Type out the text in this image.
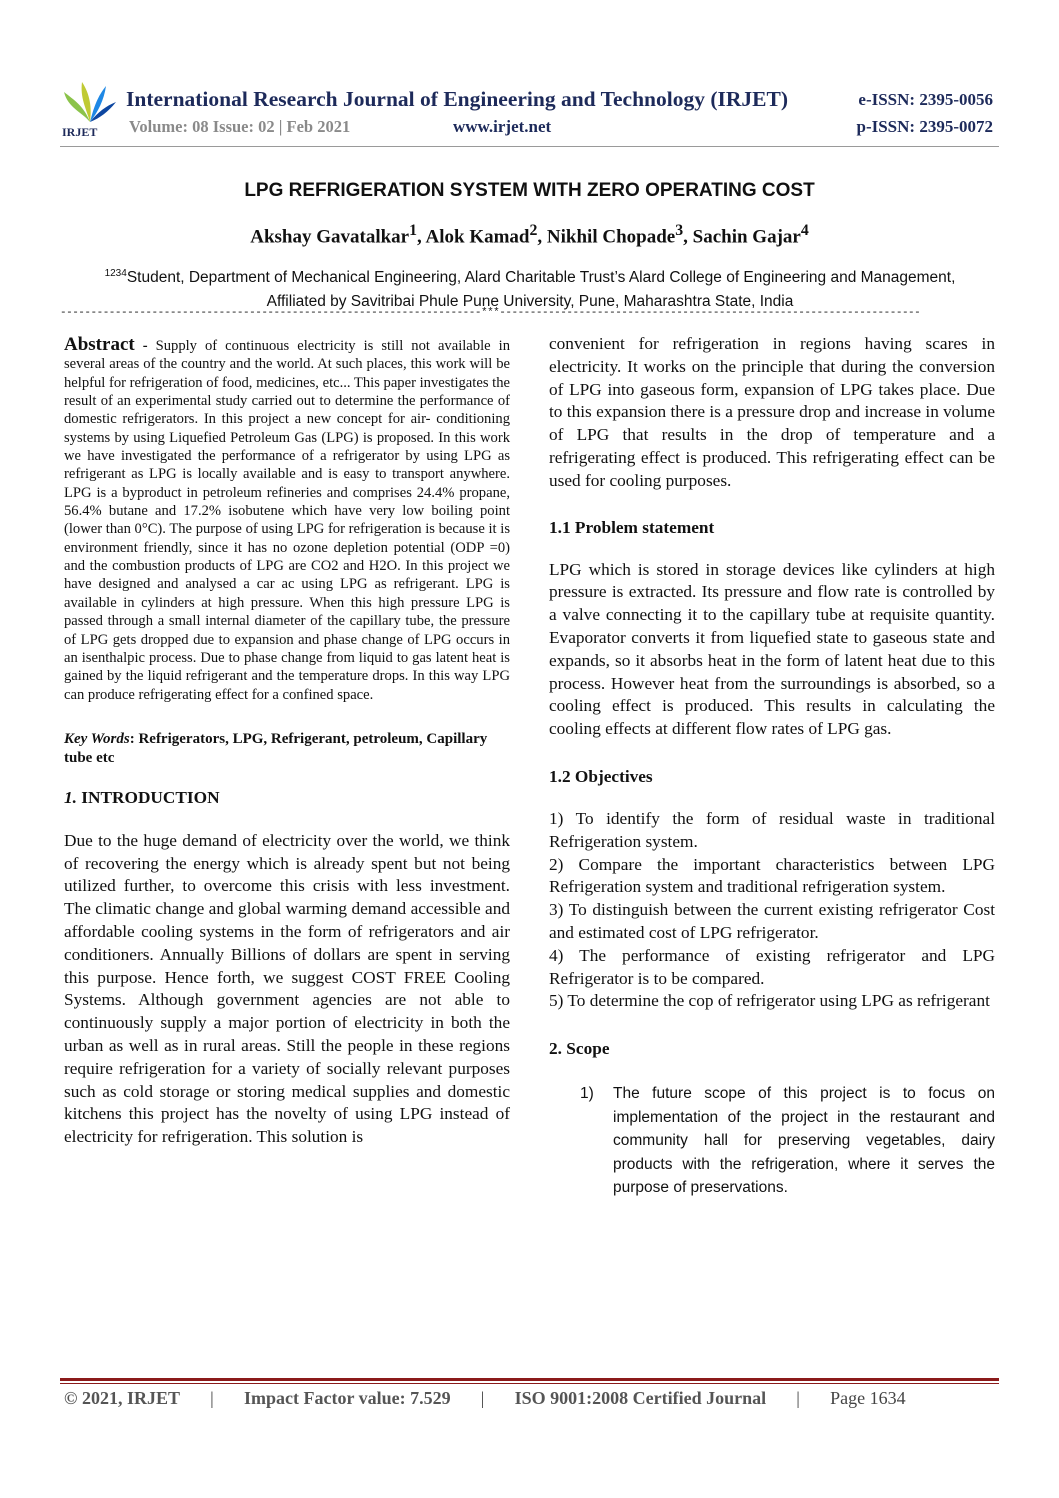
IRJET
International Research Journal of Engineering and Technology (IRJET)	e-ISSN: 2395-0056
Volume: 08 Issue: 02 | Feb 2021	www.irjet.net	p-ISSN: 2395-0072
LPG REFRIGERATION SYSTEM WITH ZERO OPERATING COST
Akshay Gavatalkar$^1$, Alok Kamad$^2$, Nikhil Chopade$^3$, Sachin Gajar$^4$
$^{1234}$Student, Department of Mechanical Engineering, Alard Charitable Trust’s Alard College of Engineering and Management, Affiliated by Savitribai Phule Pune University, Pune, Maharashtra State, India
---------------------------------------------------------------------***---------------------------------------------------------------------

Abstract - Supply of continuous electricity is still not available in several areas of the country and the world. At such places, this work will be helpful for refrigeration of food, medicines, etc... This paper investigates the result of an experimental study carried out to determine the performance of domestic refrigerators. In this project a new concept for air- conditioning systems by using Liquefied Petroleum Gas (LPG) is proposed. In this work we have investigated the performance of a refrigerator by using LPG as refrigerant as LPG is locally available and is easy to transport anywhere. LPG is a byproduct in petroleum refineries and comprises 24.4% propane, 56.4% butane and 17.2% isobutene which have very low boiling point (lower than 0°C). The purpose of using LPG for refrigeration is because it is environment friendly, since it has no ozone depletion potential (ODP =0) and the combustion products of LPG are CO2 and H2O. In this project we have designed and analysed a car ac using LPG as refrigerant. LPG is available in cylinders at high pressure. When this high pressure LPG is passed through a small internal diameter of the capillary tube, the pressure of LPG gets dropped due to expansion and phase change of LPG occurs in an isenthalpic process. Due to phase change from liquid to gas latent heat is gained by the liquid refrigerant and the temperature drops. In this way LPG can produce refrigerating effect for a confined space.

Key Words: Refrigerators, LPG, Refrigerant, petroleum, Capillary tube etc

1. INTRODUCTION

Due to the huge demand of electricity over the world, we think of recovering the energy which is already spent but not being utilized further, to overcome this crisis with less investment. The climatic change and global warming demand accessible and affordable cooling systems in the form of refrigerators and air conditioners. Annually Billions of dollars are spent in serving this purpose. Hence forth, we suggest COST FREE Cooling Systems. Although government agencies are not able to continuously supply a major portion of electricity in both the urban as well as in rural areas. Still the people in these regions require refrigeration for a variety of socially relevant purposes such as cold storage or storing medical supplies and domestic kitchens this project has the novelty of using LPG instead of electricity for refrigeration. This solution is

convenient for refrigeration in regions having scares in electricity. It works on the principle that during the conversion of LPG into gaseous form, expansion of LPG takes place. Due to this expansion there is a pressure drop and increase in volume of LPG that results in the drop of temperature and a refrigerating effect is produced. This refrigerating effect can be used for cooling purposes.

1.1 Problem statement

LPG which is stored in storage devices like cylinders at high pressure is extracted. Its pressure and flow rate is controlled by a valve connecting it to the capillary tube at requisite quantity. Evaporator converts it from liquefied state to gaseous state and expands, so it absorbs heat in the form of latent heat due to this process. However heat from the surroundings is absorbed, so a cooling effect is produced. This results in calculating the cooling effects at different flow rates of LPG gas.

1.2 Objectives

1) To identify the form of residual waste in traditional Refrigeration system.

2) Compare the important characteristics between LPG Refrigeration system and traditional refrigeration system.

3) To distinguish between the current existing refrigerator Cost and estimated cost of LPG refrigerator.

4) The performance of existing refrigerator and LPG Refrigerator is to be compared.

5) To determine the cop of refrigerator using LPG as refrigerant

2. Scope

1) The future scope of this project is to focus on implementation of the project in the restaurant and community hall for preserving vegetables, dairy products with the refrigeration, where it serves the purpose of preservations.

© 2021, IRJET | Impact Factor value: 7.529 | ISO 9001:2008 Certified Journal | Page 1634
